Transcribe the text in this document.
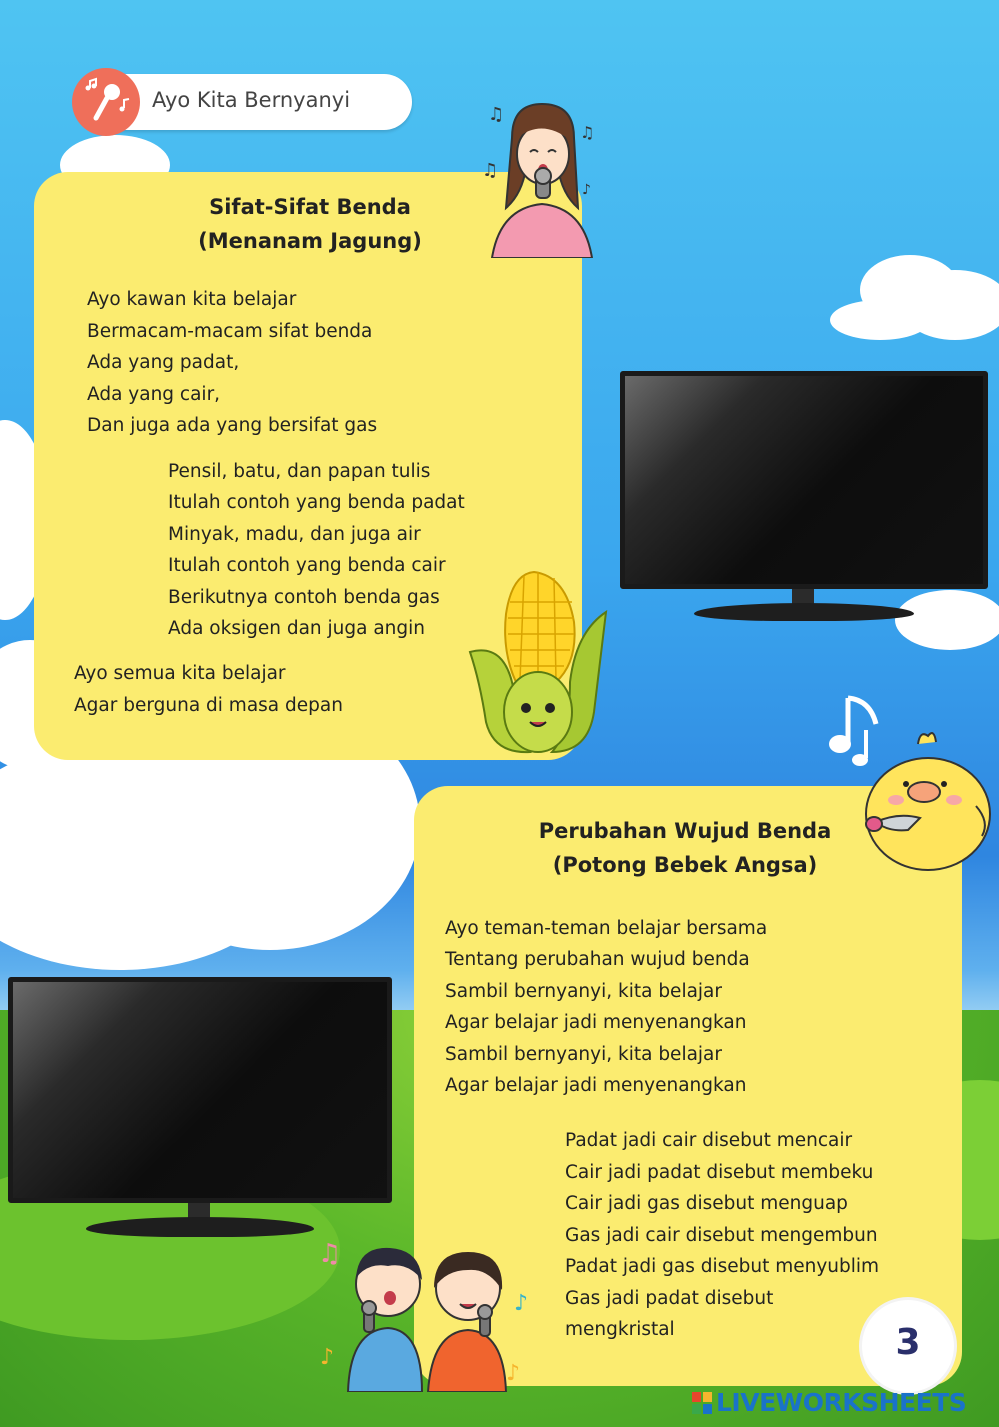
Ayo Kita Bernyanyi
Sifat-Sifat Benda
(Menanam Jagung)
Ayo kawan kita belajar
Bermacam-macam sifat benda
Ada yang padat,
Ada yang cair,
Dan juga ada yang bersifat gas
Pensil, batu, dan papan tulis
Itulah contoh yang benda padat
Minyak, madu, dan juga air
Itulah contoh yang benda cair
Berikutnya contoh benda gas
Ada oksigen dan juga angin
Ayo semua kita belajar
Agar berguna di masa depan
♫
♫
♫
♪
Perubahan Wujud Benda
(Potong Bebek Angsa)
Ayo teman-teman belajar bersama
Tentang perubahan wujud benda
Sambil bernyanyi, kita belajar
Agar belajar jadi menyenangkan
Sambil bernyanyi, kita belajar
Agar belajar jadi menyenangkan
Padat jadi cair disebut mencair
Cair jadi padat disebut membeku
Cair jadi gas disebut menguap
Gas jadi cair disebut mengembun
Padat jadi gas disebut menyublim
Gas jadi padat disebut
mengkristal
♫
♪
♪
♪
3
LIVEWORKSHEETS
